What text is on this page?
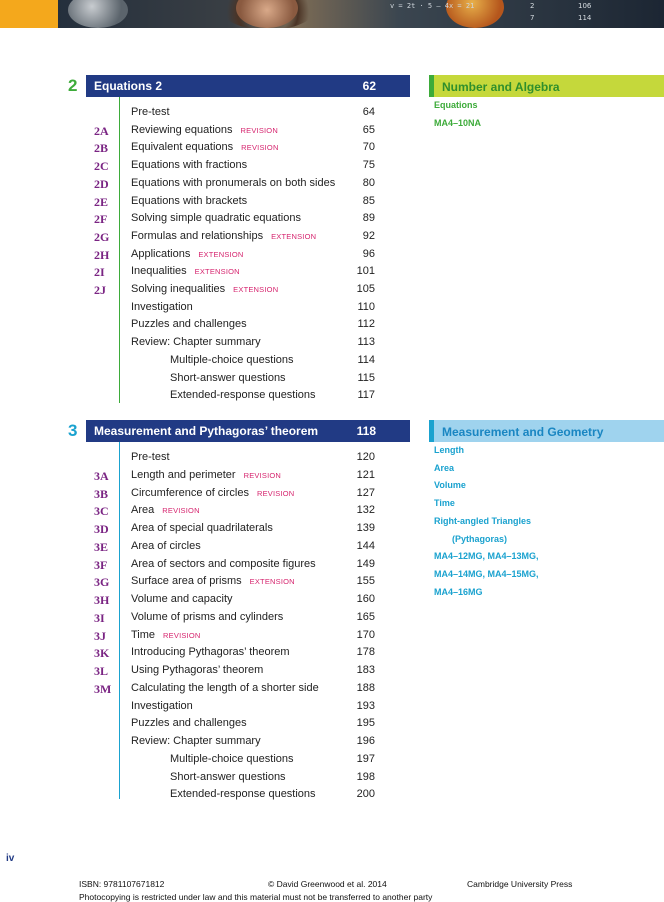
v = 2t · 5 – 4x = 21	2
7
106
114
2 Equations 2	62
Pre-test	64
2A Reviewing equations REVISION	65
2B Equivalent equations REVISION	70
2C Equations with fractions	75
2D Equations with pronumerals on both sides	80
2E Equations with brackets	85
2F Solving simple quadratic equations	89
2G Formulas and relationships EXTENSION	92
2H Applications EXTENSION	96
2I Inequalities EXTENSION	101
2J Solving inequalities EXTENSION	105
Investigation	110
Puzzles and challenges	112
Review: Chapter summary	113
Multiple-choice questions	114
Short-answer questions	115
Extended-response questions	117
Number and Algebra
Equations
MA4–10NA
3 Measurement and Pythagoras’ theorem	118
Pre-test	120
3A Length and perimeter REVISION	121
3B Circumference of circles REVISION	127
3C Area REVISION	132
3D Area of special quadrilaterals	139
3E Area of circles	144
3F Area of sectors and composite figures	149
3G Surface area of prisms EXTENSION	155
3H Volume and capacity	160
3I Volume of prisms and cylinders	165
3J Time REVISION	170
3K Introducing Pythagoras’ theorem	178
3L Using Pythagoras’ theorem	183
3M Calculating the length of a shorter side	188
Investigation	193
Puzzles and challenges	195
Review: Chapter summary	196
Multiple-choice questions	197
Short-answer questions	198
Extended-response questions	200
Measurement and Geometry
Length
Area
Volume
Time
Right-angled Triangles
(Pythagoras)
MA4–12MG, MA4–13MG,
MA4–14MG, MA4–15MG,
MA4–16MG
iv
ISBN: 9781107671812	© David Greenwood et al. 2014	Cambridge University Press
Photocopying is restricted under law and this material must not be transferred to another party
